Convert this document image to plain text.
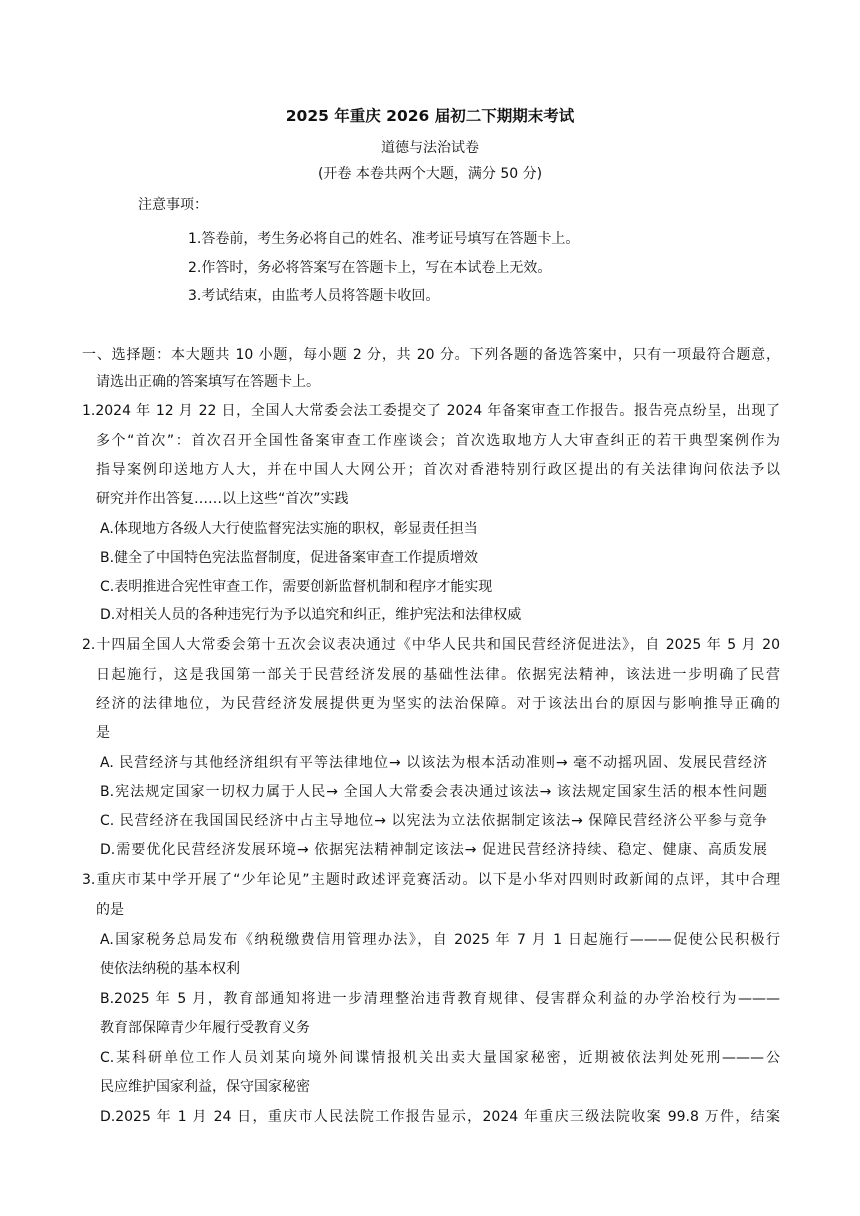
2025 年重庆 2026 届初二下期期末考试

道德与法治试卷

(开卷 本卷共两个大题，满分 50 分)

注意事项：

1.答卷前，考生务必将自己的姓名、准考证号填写在答题卡上。

2.作答时，务必将答案写在答题卡上，写在本试卷上无效。

3.考试结束，由监考人员将答题卡收回。

一、选择题：本大题共 10 小题，每小题 2 分，共 20 分。下列各题的备选答案中，只有一项最符合题意，

请选出正确的答案填写在答题卡上。

1.2024 年 12 月 22 日，全国人大常委会法工委提交了 2024 年备案审查工作报告。报告亮点纷呈，出现了

多个“首次”：首次召开全国性备案审查工作座谈会；首次选取地方人大审查纠正的若干典型案例作为

指导案例印送地方人大，并在中国人大网公开；首次对香港特别行政区提出的有关法律询问依法予以

研究并作出答复……以上这些“首次”实践

A.体现地方各级人大行使监督宪法实施的职权，彰显责任担当

B.健全了中国特色宪法监督制度，促进备案审查工作提质增效

C.表明推进合宪性审查工作，需要创新监督机制和程序才能实现

D.对相关人员的各种违宪行为予以追究和纠正，维护宪法和法律权威

2.十四届全国人大常委会第十五次会议表决通过《中华人民共和国民营经济促进法》，自 2025 年 5 月 20

日起施行，这是我国第一部关于民营经济发展的基础性法律。依据宪法精神，该法进一步明确了民营

经济的法律地位，为民营经济发展提供更为坚实的法治保障。对于该法出台的原因与影响推导正确的

是

A. 民营经济与其他经济组织有平等法律地位→ 以该法为根本活动准则→ 毫不动摇巩固、发展民营经济

B.宪法规定国家一切权力属于人民→ 全国人大常委会表决通过该法→ 该法规定国家生活的根本性问题

C. 民营经济在我国国民经济中占主导地位→ 以宪法为立法依据制定该法→ 保障民营经济公平参与竞争

D.需要优化民营经济发展环境→ 依据宪法精神制定该法→ 促进民营经济持续、稳定、健康、高质发展

3.重庆市某中学开展了“少年论见”主题时政述评竞赛活动。以下是小华对四则时政新闻的点评，其中合理

的是

A.国家税务总局发布《纳税缴费信用管理办法》，自 2025 年 7 月 1 日起施行———促使公民积极行

使依法纳税的基本权利

B.2025 年 5 月，教育部通知将进一步清理整治违背教育规律、侵害群众利益的办学治校行为———

教育部保障青少年履行受教育义务

C.某科研单位工作人员刘某向境外间谍情报机关出卖大量国家秘密，近期被依法判处死刑———公

民应维护国家利益，保守国家秘密

D.2025 年 1 月 24 日，重庆市人民法院工作报告显示，2024 年重庆三级法院收案 99.8 万件，结案
